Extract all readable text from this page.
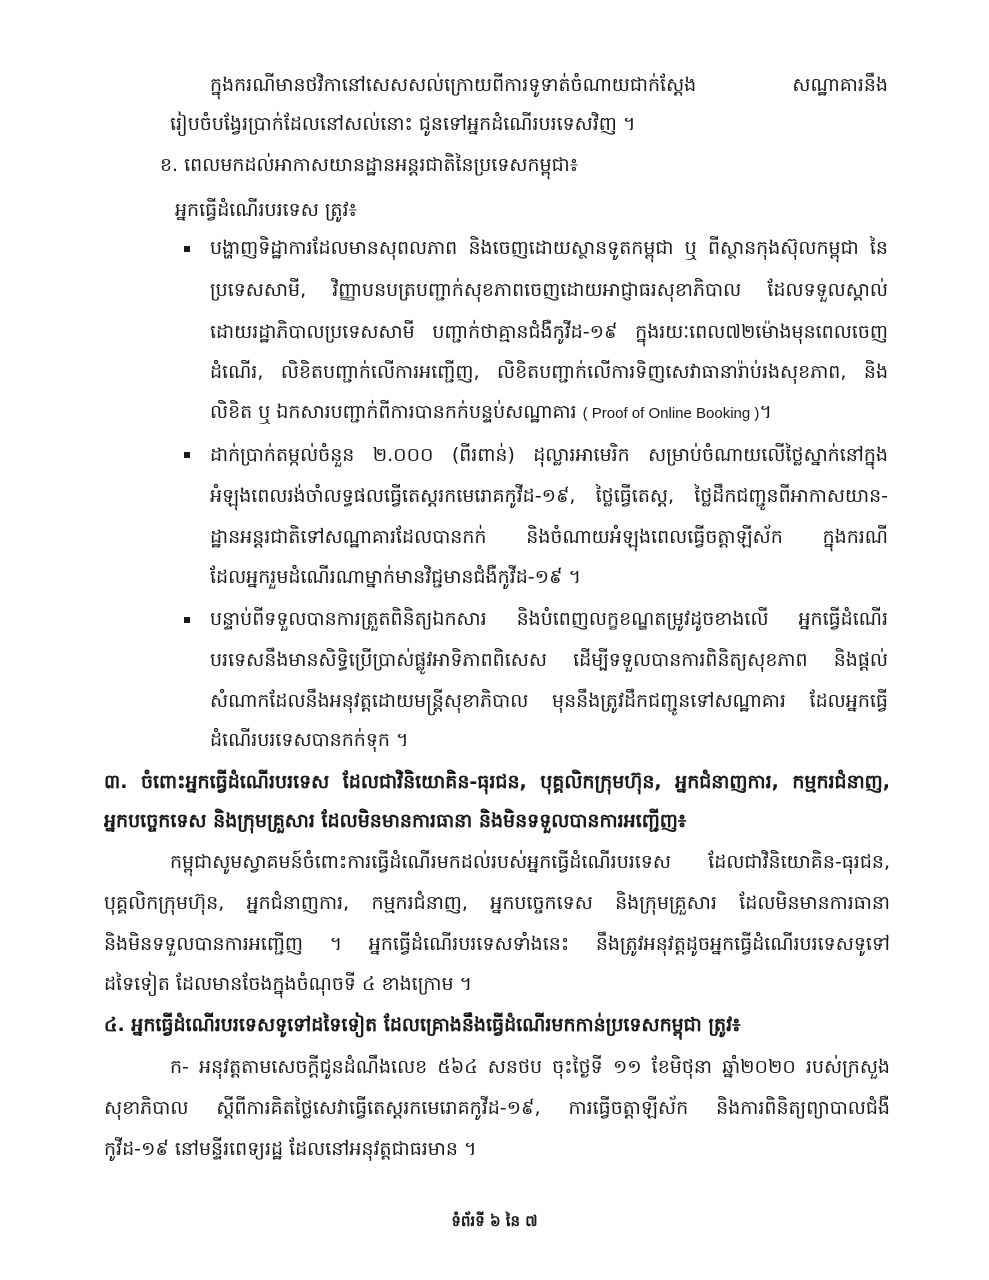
ក្នុងករណីមានថវិកានៅសេសសល់ក្រោយពីការទូទាត់ចំណាយជាក់ស្តែង សណ្ឋាគារនឹង
រៀបចំបង្វែរប្រាក់ដែលនៅសល់នោះ ជូនទៅអ្នកដំណើរបរទេសវិញ ។
ខ. ពេលមកដល់អាកាសយានដ្ឋានអន្តរជាតិនៃប្រទេសកម្ពុជា៖
អ្នកធ្វើដំណើរបរទេស ត្រូវ៖
បង្ហាញទិដ្ឋាការដែលមានសុពលភាព និងចេញដោយស្ថានទូតកម្ពុជា ឬ ពីស្ថានកុងស៊ុលកម្ពុជា នៃ
ប្រទេសសាមី, វិញ្ញាបនបត្របញ្ជាក់សុខភាពចេញដោយអាជ្ញាធរសុខាភិបាល ដែលទទួលស្គាល់
ដោយរដ្ឋាភិបាលប្រទេសសាមី បញ្ជាក់ថាគ្មានជំងឺកូវីដ-១៩ ក្នុងរយៈពេល៧២ម៉ោងមុនពេលចេញ
ដំណើរ, លិខិតបញ្ជាក់លើការអញ្ជើញ, លិខិតបញ្ជាក់លើការទិញសេវាធានារ៉ាប់រងសុខភាព, និង
លិខិត ឬ ឯកសារបញ្ជាក់ពីការបានកក់បន្ទប់សណ្ឋាគារ ( Proof of Online Booking )។
ដាក់ប្រាក់តម្កល់ចំនួន ២.០០០ (ពីរពាន់) ដុល្លារអាមេរិក សម្រាប់ចំណាយលើថ្លៃស្នាក់នៅក្នុង
អំឡុងពេលរង់ចាំលទ្ធផលធ្វើតេស្តរកមេរោគកូវីដ-១៩, ថ្លៃធ្វើតេស្ត, ថ្លៃដឹកជញ្ជូនពីអាកាសយាន-
ដ្ឋានអន្តរជាតិទៅសណ្ឋាគារដែលបានកក់ និងចំណាយអំឡុងពេលធ្វើចត្តាឡីស័ក ក្នុងករណី
ដែលអ្នករួមដំណើរណាម្នាក់មានវិជ្ជមានជំងឺកូវីដ-១៩ ។
បន្ទាប់ពីទទួលបានការត្រួតពិនិត្យឯកសារ និងបំពេញលក្ខខណ្ឌតម្រូវដូចខាងលើ អ្នកធ្វើដំណើរ
បរទេសនឹងមានសិទ្ធិប្រើប្រាស់ផ្លូវអាទិភាពពិសេស ដើម្បីទទួលបានការពិនិត្យសុខភាព និងផ្តល់
សំណាកដែលនឹងអនុវត្តដោយមន្ត្រីសុខាភិបាល មុននឹងត្រូវដឹកជញ្ជូនទៅសណ្ឋាគារ ដែលអ្នកធ្វើ
ដំណើរបរទេសបានកក់ទុក ។
៣. ចំពោះអ្នកធ្វើដំណើរបរទេស ដែលជាវិនិយោគិន-ធុរជន, បុគ្គលិកក្រុមហ៊ុន, អ្នកជំនាញការ, កម្មករជំនាញ,
អ្នកបច្ចេកទេស និងក្រុមគ្រួសារ ដែលមិនមានការធានា និងមិនទទួលបានការអញ្ជើញ៖
កម្ពុជាសូមស្វាគមន៍ចំពោះការធ្វើដំណើរមកដល់របស់អ្នកធ្វើដំណើរបរទេស ដែលជាវិនិយោគិន-ធុរជន,
បុគ្គលិកក្រុមហ៊ុន, អ្នកជំនាញការ, កម្មករជំនាញ, អ្នកបច្ចេកទេស និងក្រុមគ្រួសារ ដែលមិនមានការធានា
និងមិនទទួលបានការអញ្ជើញ ។ អ្នកធ្វើដំណើរបរទេសទាំងនេះ នឹងត្រូវអនុវត្តដូចអ្នកធ្វើដំណើរបរទេសទូទៅ
ដទៃទៀត ដែលមានចែងក្នុងចំណុចទី ៤ ខាងក្រោម ។
៤. អ្នកធ្វើដំណើរបរទេសទូទៅដទៃទៀត ដែលគ្រោងនឹងធ្វើដំណើរមកកាន់ប្រទេសកម្ពុជា ត្រូវ៖
ក- អនុវត្តតាមសេចក្តីជូនដំណឹងលេខ ៥៦៤ សនថប ចុះថ្ងៃទី ១១ ខែមិថុនា ឆ្នាំ២០២០ របស់ក្រសួង
សុខាភិបាល ស្តីពីការគិតថ្លៃសេវាធ្វើតេស្តរកមេរោគកូវីដ-១៩, ការធ្វើចត្តាឡីស័ក និងការពិនិត្យព្យាបាលជំងឺ
កូវីដ-១៩ នៅមន្ទីរពេទ្យរដ្ឋ ដែលនៅអនុវត្តជាធរមាន ។
ទំព័រទី ៦ នៃ ៧
